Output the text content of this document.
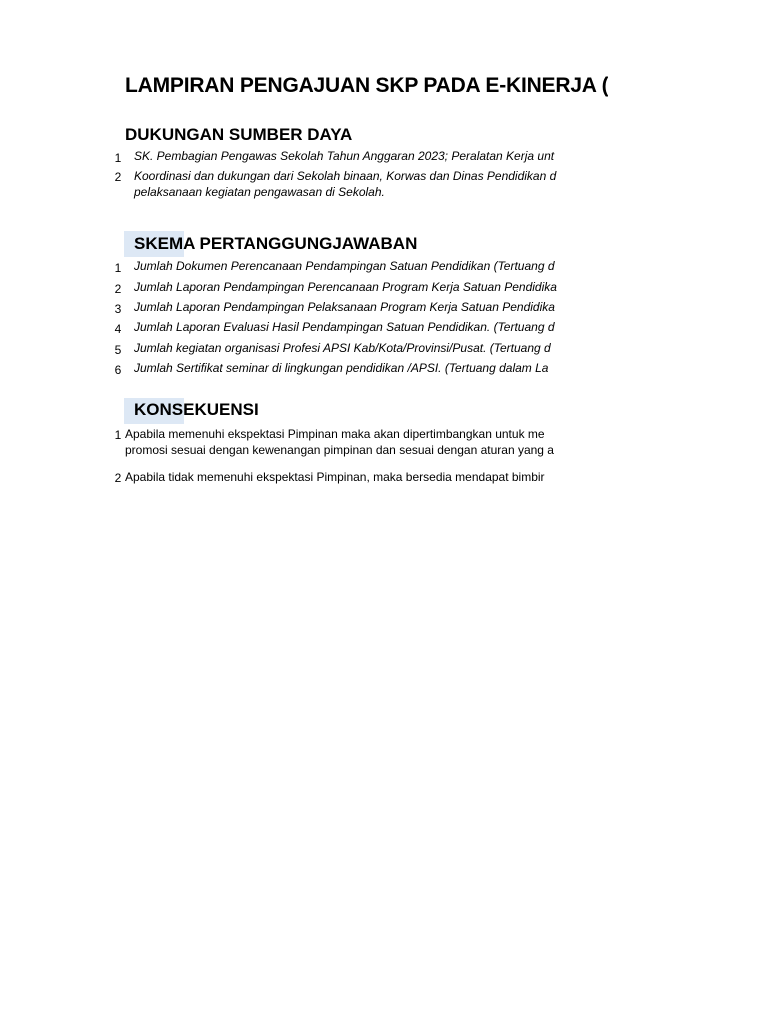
LAMPIRAN PENGAJUAN SKP PADA E-KINERJA (
DUKUNGAN SUMBER DAYA
1 SK. Pembagian Pengawas Sekolah Tahun Anggaran 2023; Peralatan Kerja unt
2 Koordinasi dan dukungan dari Sekolah binaan, Korwas dan Dinas Pendidikan d
pelaksanaan kegiatan pengawasan di Sekolah.
SKEMA PERTANGGUNGJAWABAN
1 Jumlah Dokumen Perencanaan Pendampingan Satuan Pendidikan (Tertuang d
2 Jumlah Laporan Pendampingan Perencanaan Program Kerja Satuan Pendidika
3 Jumlah Laporan Pendampingan Pelaksanaan Program Kerja Satuan Pendidika
4 Jumlah Laporan Evaluasi Hasil Pendampingan Satuan Pendidikan. (Tertuang d
5 Jumlah kegiatan organisasi Profesi APSI Kab/Kota/Provinsi/Pusat. (Tertuang d
6 Jumlah Sertifikat seminar di lingkungan pendidikan /APSI. (Tertuang dalam La
KONSEKUENSI
1 Apabila memenuhi ekspektasi Pimpinan maka akan dipertimbangkan untuk me
promosi sesuai dengan kewenangan pimpinan dan sesuai dengan aturan yang a
2 Apabila tidak memenuhi ekspektasi Pimpinan, maka bersedia mendapat bimbir
